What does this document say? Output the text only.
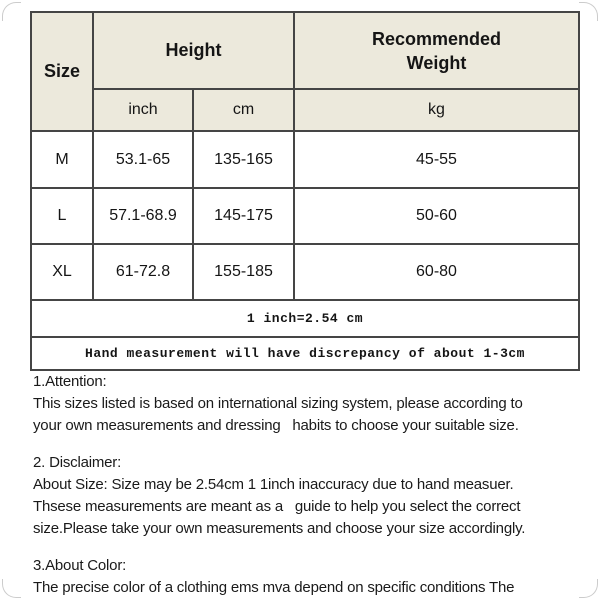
Size	Height		Recommended
Weight

	inch	cm	kg
M	53.1-65	135-165	45-55
L	57.1-68.9	145-175	50-60
XL	61-72.8	155-185	60-80
1 inch=2.54 cm			
Hand measurement will have discrepancy of about 1-3cm			
1.Attention:
This sizes listed is based on international sizing system, please according to
your own measurements and dressing   habits to choose your suitable size.
2. Disclaimer:
About Size: Size may be 2.54cm 1 1inch inaccuracy due to hand measuer.
Thsese measurements are meant as a   guide to help you select the correct
size.Please take your own measurements and choose your size accordingly.
3.About Color:
The precise color of a clothing ems mva depend on specific conditions The
